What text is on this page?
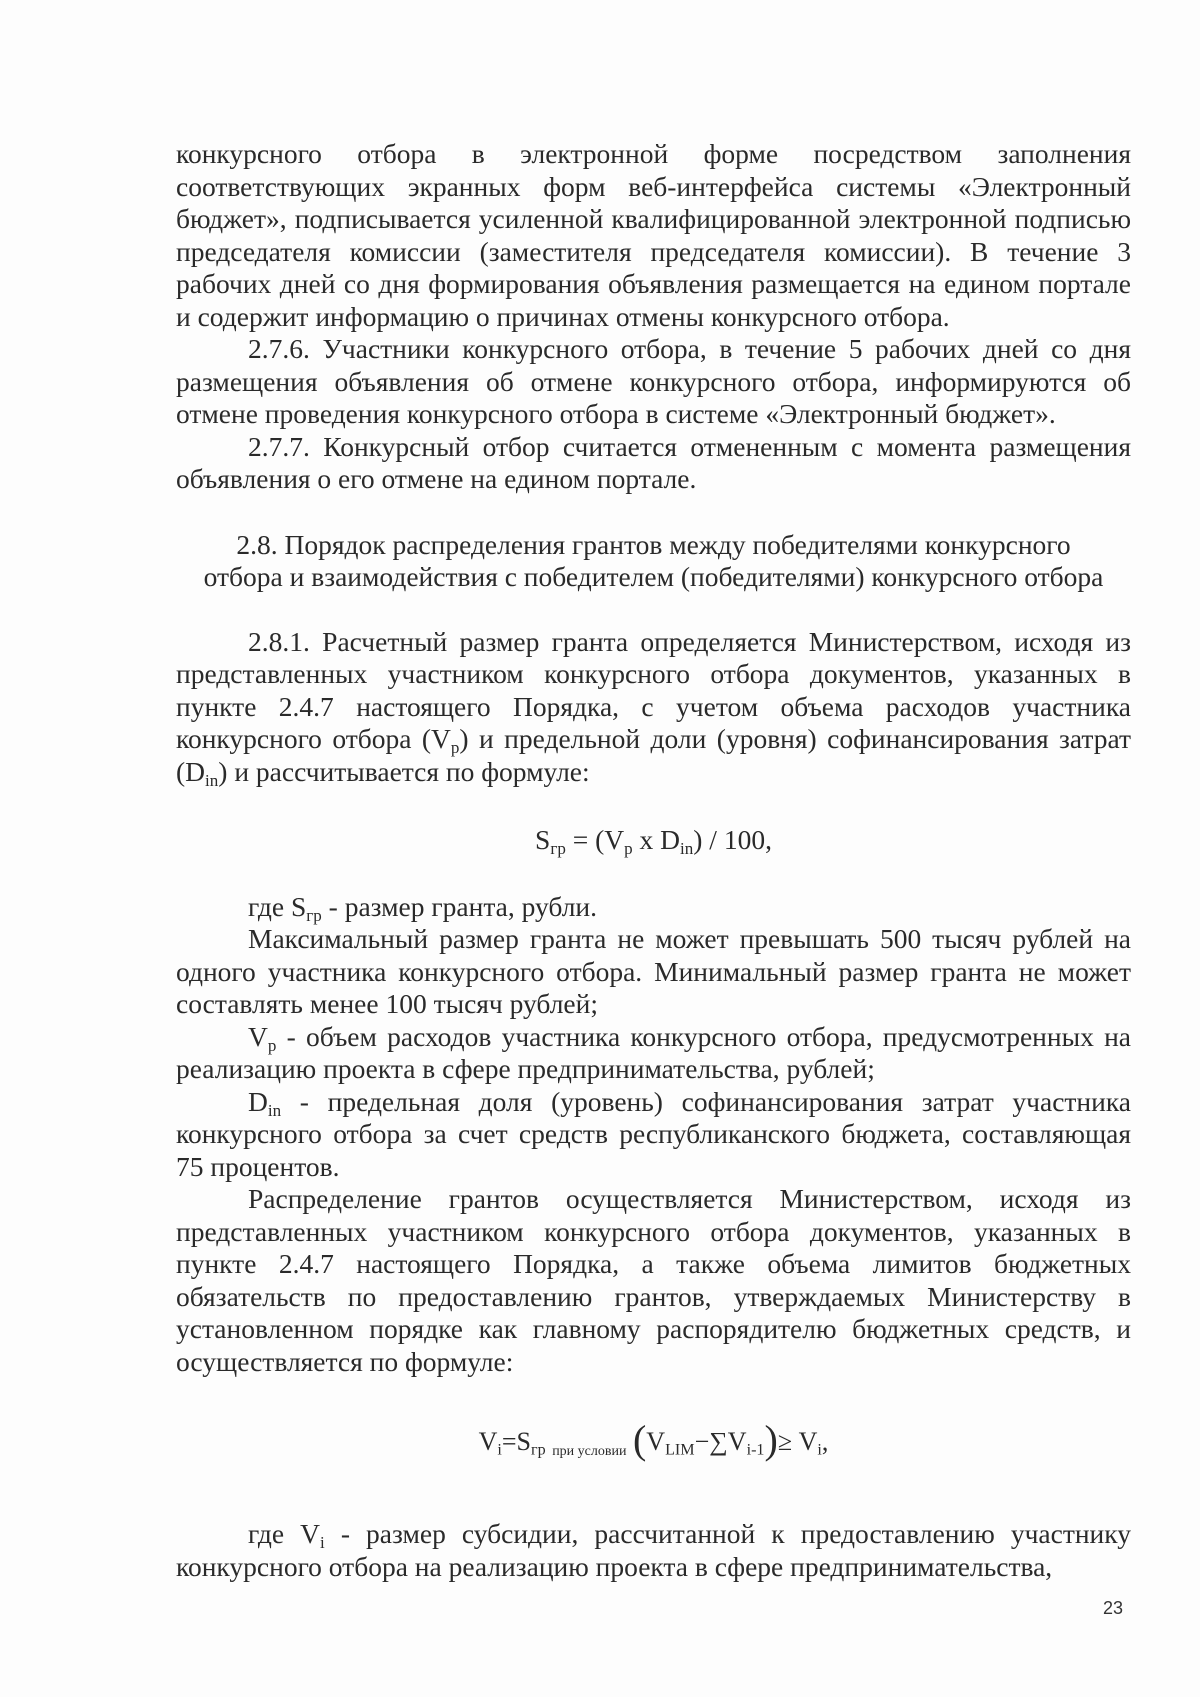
конкурсного отбора в электронной форме посредством заполнения соответствующих экранных форм веб-интерфейса системы «Электронный бюджет», подписывается усиленной квалифицированной электронной подписью председателя комиссии (заместителя председателя комиссии). В течение 3 рабочих дней со дня формирования объявления размещается на едином портале и содержит информацию о причинах отмены конкурсного отбора.

2.7.6. Участники конкурсного отбора, в течение 5 рабочих дней со дня размещения объявления об отмене конкурсного отбора, информируются об отмене проведения конкурсного отбора в системе «Электронный бюджет».

2.7.7. Конкурсный отбор считается отмененным с момента размещения объявления о его отмене на едином портале.

2.8. Порядок распределения грантов между победителями конкурсного
отбора и взаимодействия с победителем (победителями) конкурсного отбора

2.8.1. Расчетный размер гранта определяется Министерством, исходя из представленных участником конкурсного отбора документов, указанных в пункте 2.4.7 настоящего Порядка, с учетом объема расходов участника конкурсного отбора $(V_p)$ и предельной доли (уровня) софинансирования затрат $(D_{in})$ и рассчитывается по формуле:

$S_{гр} = (V_p$ x $D_{in}) / 100$,

где $S_{гр}$ - размер гранта, рубли.

Максимальный размер гранта не может превышать 500 тысяч рублей на одного участника конкурсного отбора. Минимальный размер гранта не может составлять менее 100 тысяч рублей;

$V_p$ - объем расходов участника конкурсного отбора, предусмотренных на реализацию проекта в сфере предпринимательства, рублей;

$D_{in}$ - предельная доля (уровень) софинансирования затрат участника конкурсного отбора за счет средств республиканского бюджета, составляющая 75 процентов.

Распределение грантов осуществляется Министерством, исходя из представленных участником конкурсного отбора документов, указанных в пункте 2.4.7 настоящего Порядка, а также объема лимитов бюджетных обязательств по предоставлению грантов, утверждаемых Министерству в установленном порядке как главному распорядителю бюджетных средств, и осуществляется по формуле:

$V_i=S_{гр}$ при условии $(V_{LIM}-\sum V_{i-1})\ge V_i$,

где $V_i$ - размер субсидии, рассчитанной к предоставлению участнику конкурсного отбора на реализацию проекта в сфере предпринимательства,

23
